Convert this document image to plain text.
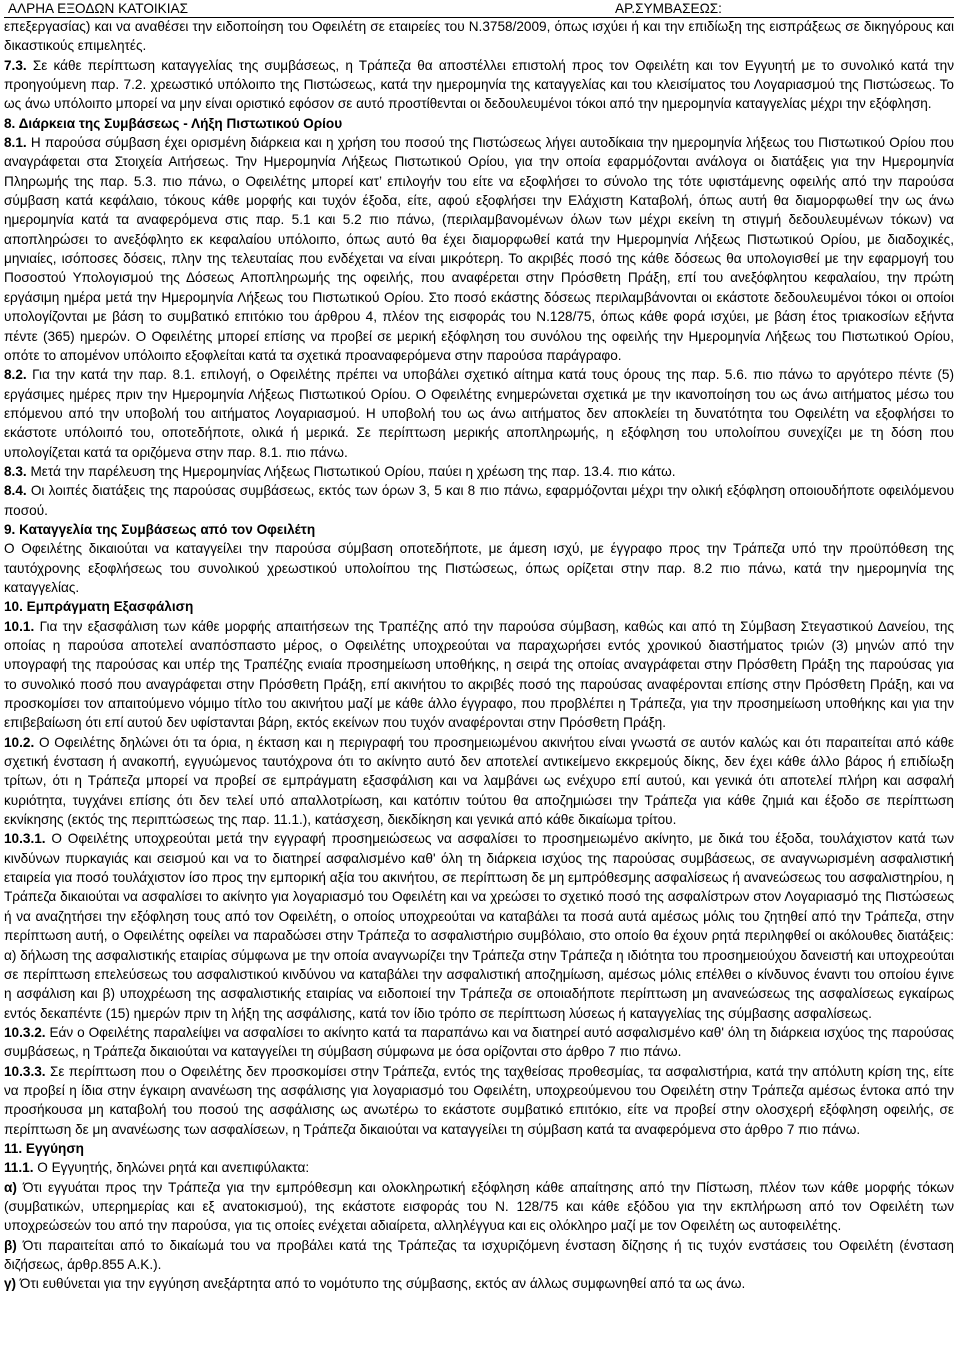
ΑΛΡΗΑ ΕΞΟΔΩΝ ΚΑΤΟΙΚΙΑΣ	ΑΡ.ΣΥΜΒΑΣΕΩΣ:

επεξεργασίας) και να αναθέσει την ειδοποίηση του Οφειλέτη σε εταιρείες του Ν.3758/2009, όπως ισχύει ή και την επιδίωξη της εισπράξεως σε δικηγόρους και δικαστικούς επιμελητές.

7.3. Σε κάθε περίπτωση καταγγελίας της συμβάσεως, η Τράπεζα θα αποστέλλει επιστολή προς τον Οφειλέτη και τον Εγγυητή με το συνολικό κατά την προηγούμενη παρ. 7.2. χρεωστικό υπόλοιπο της Πιστώσεως, κατά την ημερομηνία της καταγγελίας και του κλεισίματος του Λογαριασμού της Πιστώσεως. Το ως άνω υπόλοιπο μπορεί να μην είναι οριστικό εφόσον σε αυτό προστίθενται οι δεδουλευμένοι τόκοι από την ημερομηνία καταγγελίας μέχρι την εξόφληση.

8. Διάρκεια της Συμβάσεως - Λήξη Πιστωτικού Ορίου

8.1. Η παρούσα σύμβαση έχει ορισμένη διάρκεια και η χρήση του ποσού της Πιστώσεως λήγει αυτοδίκαια την ημερομηνία λήξεως του Πιστωτικού Ορίου που αναγράφεται στα Στοιχεία Αιτήσεως. Την Ημερομηνία Λήξεως Πιστωτικού Ορίου, για την οποία εφαρμόζονται ανάλογα οι διατάξεις για την Ημερομηνία Πληρωμής της παρ. 5.3. πιο πάνω, ο Οφειλέτης μπορεί κατ’ επιλογήν του είτε να εξοφλήσει το σύνολο της τότε υφιστάμενης οφειλής από την παρούσα σύμβαση κατά κεφάλαιο, τόκους κάθε μορφής και τυχόν έξοδα, είτε, αφού εξοφλήσει την Ελάχιστη Καταβολή, όπως αυτή θα διαμορφωθεί την ως άνω ημερομηνία κατά τα αναφερόμενα στις παρ. 5.1 και 5.2 πιο πάνω, (περιλαμβανομένων όλων των μέχρι εκείνη τη στιγμή δεδουλευμένων τόκων) να αποπληρώσει το ανεξόφλητο εκ κεφαλαίου υπόλοιπο, όπως αυτό θα έχει διαμορφωθεί κατά την Ημερομηνία Λήξεως Πιστωτικού Ορίου, με διαδοχικές, μηνιαίες, ισόποσες δόσεις, πλην της τελευταίας που ενδέχεται να είναι μικρότερη. Το ακριβές ποσό της κάθε δόσεως θα υπολογισθεί με την εφαρμογή του Ποσοστού Υπολογισμού της Δόσεως Αποπληρωμής της οφειλής, που αναφέρεται στην Πρόσθετη Πράξη, επί του ανεξόφλητου κεφαλαίου, την πρώτη εργάσιμη ημέρα μετά την Ημερομηνία Λήξεως του Πιστωτικού Ορίου. Στο ποσό εκάστης δόσεως περιλαμβάνονται οι εκάστοτε δεδουλευμένοι τόκοι οι οποίοι υπολογίζονται με βάση το συμβατικό επιτόκιο του άρθρου 4, πλέον της εισφοράς του Ν.128/75, όπως κάθε φορά ισχύει, με βάση έτος τριακοσίων εξήντα πέντε (365) ημερών. Ο Οφειλέτης μπορεί επίσης να προβεί σε μερική εξόφληση του συνόλου της οφειλής την Ημερομηνία Λήξεως του Πιστωτικού Ορίου, οπότε το απομένον υπόλοιπο εξοφλείται κατά τα σχετικά προαναφερόμενα στην παρούσα παράγραφο.

8.2. Για την κατά την παρ. 8.1. επιλογή, ο Οφειλέτης πρέπει να υποβάλει σχετικό αίτημα κατά τους όρους της παρ. 5.6. πιο πάνω το αργότερο πέντε (5) εργάσιμες ημέρες πριν την Ημερομηνία Λήξεως Πιστωτικού Ορίου. Ο Οφειλέτης ενημερώνεται σχετικά με την ικανοποίηση του ως άνω αιτήματος μέσω του επόμενου από την υποβολή του αιτήματος Λογαριασμού. Η υποβολή του ως άνω αιτήματος δεν αποκλείει τη δυνατότητα του Οφειλέτη να εξοφλήσει το εκάστοτε υπόλοιπό του, οποτεδήποτε, ολικά ή μερικά. Σε περίπτωση μερικής αποπληρωμής, η εξόφληση του υπολοίπου συνεχίζει με τη δόση που υπολογίζεται κατά τα οριζόμενα στην παρ. 8.1. πιο πάνω.

8.3. Μετά την παρέλευση της Ημερομηνίας Λήξεως Πιστωτικού Ορίου, παύει η χρέωση της παρ. 13.4. πιο κάτω.

8.4. Οι λοιπές διατάξεις της παρούσας συμβάσεως, εκτός των όρων 3, 5 και 8 πιο πάνω, εφαρμόζονται μέχρι την ολική εξόφληση οποιουδήποτε οφειλόμενου ποσού.

9. Καταγγελία της Συμβάσεως από τον Οφειλέτη

Ο Οφειλέτης δικαιούται να καταγγείλει την παρούσα σύμβαση οποτεδήποτε, με άμεση ισχύ, με έγγραφο προς την Τράπεζα υπό την προϋπόθεση της ταυτόχρονης εξοφλήσεως του συνολικού χρεωστικού υπολοίπου της Πιστώσεως, όπως ορίζεται στην παρ. 8.2 πιο πάνω, κατά την ημερομηνία της καταγγελίας.

10. Εμπράγματη Εξασφάλιση

10.1. Για την εξασφάλιση των κάθε μορφής απαιτήσεων της Τραπέζης από την παρούσα σύμβαση, καθώς και από τη Σύμβαση Στεγαστικού Δανείου, της οποίας η παρούσα αποτελεί αναπόσπαστο μέρος, ο Οφειλέτης υποχρεούται να παραχωρήσει εντός χρονικού διαστήματος τριών (3) μηνών από την υπογραφή της παρούσας και υπέρ της Τραπέζης ενιαία προσημείωση υποθήκης, η σειρά της οποίας αναγράφεται στην Πρόσθετη Πράξη της παρούσας για το συνολικό ποσό που αναγράφεται στην Πρόσθετη Πράξη, επί ακινήτου το ακριβές ποσό της παρούσας αναφέρονται επίσης στην Πρόσθετη Πράξη, και να προσκομίσει τον απαιτούμενο νόμιμο τίτλο του ακινήτου μαζί με κάθε άλλο έγγραφο, που προβλέπει η Τράπεζα, για την προσημείωση υποθήκης και για την επιβεβαίωση ότι επί αυτού δεν υφίστανται βάρη, εκτός εκείνων που τυχόν αναφέρονται στην Πρόσθετη Πράξη.

10.2. Ο Οφειλέτης δηλώνει ότι τα όρια, η έκταση και η περιγραφή του προσημειωμένου ακινήτου είναι γνωστά σε αυτόν καλώς και ότι παραιτείται από κάθε σχετική ένσταση ή ανακοπή, εγγυώμενος ταυτόχρονα ότι το ακίνητο αυτό δεν αποτελεί αντικείμενο εκκρεμούς δίκης, δεν έχει κάθε άλλο βάρος ή επιδίωξη τρίτων, ότι η Τράπεζα μπορεί να προβεί σε εμπράγματη εξασφάλιση και να λαμβάνει ως ενέχυρο επί αυτού, και γενικά ότι αποτελεί πλήρη και ασφαλή κυριότητα, τυγχάνει επίσης ότι δεν τελεί υπό απαλλοτρίωση, και κατόπιν τούτου θα αποζημιώσει την Τράπεζα για κάθε ζημιά και έξοδο σε περίπτωση εκνίκησης (εκτός της περιπτώσεως της παρ. 11.1.), κατάσχεση, διεκδίκηση και γενικά από κάθε δικαίωμα τρίτου.

10.3.1. Ο Οφειλέτης υποχρεούται μετά την εγγραφή προσημειώσεως να ασφαλίσει το προσημειωμένο ακίνητο, με δικά του έξοδα, τουλάχιστον κατά των κινδύνων πυρκαγιάς και σεισμού και να το διατηρεί ασφαλισμένο καθ' όλη τη διάρκεια ισχύος της παρούσας συμβάσεως, σε αναγνωρισμένη ασφαλιστική εταιρεία για ποσό τουλάχιστον ίσο προς την εμπορική αξία του ακινήτου, σε περίπτωση δε μη εμπρόθεσμης ασφαλίσεως ή ανανεώσεως του ασφαλιστηρίου, η Τράπεζα δικαιούται να ασφαλίσει το ακίνητο για λογαριασμό του Οφειλέτη και να χρεώσει το σχετικό ποσό της ασφαλίστρων στον Λογαριασμό της Πιστώσεως ή να αναζητήσει την εξόφληση τους από τον Οφειλέτη, ο οποίος υποχρεούται να καταβάλει τα ποσά αυτά αμέσως μόλις του ζητηθεί από την Τράπεζα, στην περίπτωση αυτή, ο Οφειλέτης οφείλει να παραδώσει στην Τράπεζα το ασφαλιστήριο συμβόλαιο, στο οποίο θα έχουν ρητά περιληφθεί οι ακόλουθες διατάξεις: α) δήλωση της ασφαλιστικής εταιρίας σύμφωνα με την οποία αναγνωρίζει την Τράπεζα στην Τράπεζα η ιδιότητα του προσημειούχου δανειστή και υποχρεούται σε περίπτωση επελεύσεως του ασφαλιστικού κινδύνου να καταβάλει την ασφαλιστική αποζημίωση, αμέσως μόλις επέλθει ο κίνδυνος έναντι του οποίου έγινε η ασφάλιση και β) υποχρέωση της ασφαλιστικής εταιρίας να ειδοποιεί την Τράπεζα σε οποιαδήποτε περίπτωση μη ανανεώσεως της ασφαλίσεως εγκαίρως εντός δεκαπέντε (15) ημερών πριν τη λήξη της ασφάλισης, κατά τον ίδιο τρόπο σε περίπτωση λύσεως ή καταγγελίας της σύμβασης ασφαλίσεως.

10.3.2. Εάν ο Οφειλέτης παραλείψει να ασφαλίσει το ακίνητο κατά τα παραπάνω και να διατηρεί αυτό ασφαλισμένο καθ' όλη τη διάρκεια ισχύος της παρούσας συμβάσεως, η Τράπεζα δικαιούται να καταγγείλει τη σύμβαση σύμφωνα με όσα ορίζονται στο άρθρο 7 πιο πάνω.

10.3.3. Σε περίπτωση που ο Οφειλέτης δεν προσκομίσει στην Τράπεζα, εντός της ταχθείσας προθεσμίας, τα ασφαλιστήρια, κατά την απόλυτη κρίση της, είτε να προβεί η ίδια στην έγκαιρη ανανέωση της ασφάλισης για λογαριασμό του Οφειλέτη, υποχρεούμενου του Οφειλέτη στην Τράπεζα αμέσως έντοκα από την προσήκουσα μη καταβολή του ποσού της ασφάλισης ως ανωτέρω το εκάστοτε συμβατικό επιτόκιο, είτε να προβεί στην ολοσχερή εξόφληση οφειλής, σε περίπτωση δε μη ανανέωσης των ασφαλίσεων, η Τράπεζα δικαιούται να καταγγείλει τη σύμβαση κατά τα αναφερόμενα στο άρθρο 7 πιο πάνω.

11. Εγγύηση

11.1. Ο Εγγυητής, δηλώνει ρητά και ανεπιφύλακτα:

α) Ότι εγγυάται προς την Τράπεζα για την εμπρόθεσμη και ολοκληρωτική εξόφληση κάθε απαίτησης από την Πίστωση, πλέον των κάθε μορφής τόκων (συμβατικών, υπερημερίας και εξ ανατοκισμού), της εκάστοτε εισφοράς του Ν. 128/75 και κάθε εξόδου για την εκπλήρωση από τον Οφειλέτη των υποχρεώσεών του από την παρούσα, για τις οποίες ενέχεται αδιαίρετα, αλληλέγγυα και εις ολόκληρο μαζί με τον Οφειλέτη ως αυτοφειλέτης.

β) Ότι παραιτείται από το δικαίωμά του να προβάλει κατά της Τράπεζας τα ισχυριζόμενη ένσταση δίζησης ή τις τυχόν ενστάσεις του Οφειλέτη (ένσταση διζήσεως, άρθρ.855 Α.Κ.).

γ) Ότι ευθύνεται για την εγγύηση ανεξάρτητα από το νομότυπο της σύμβασης, εκτός αν άλλως συμφωνηθεί από τα ως άνω.
